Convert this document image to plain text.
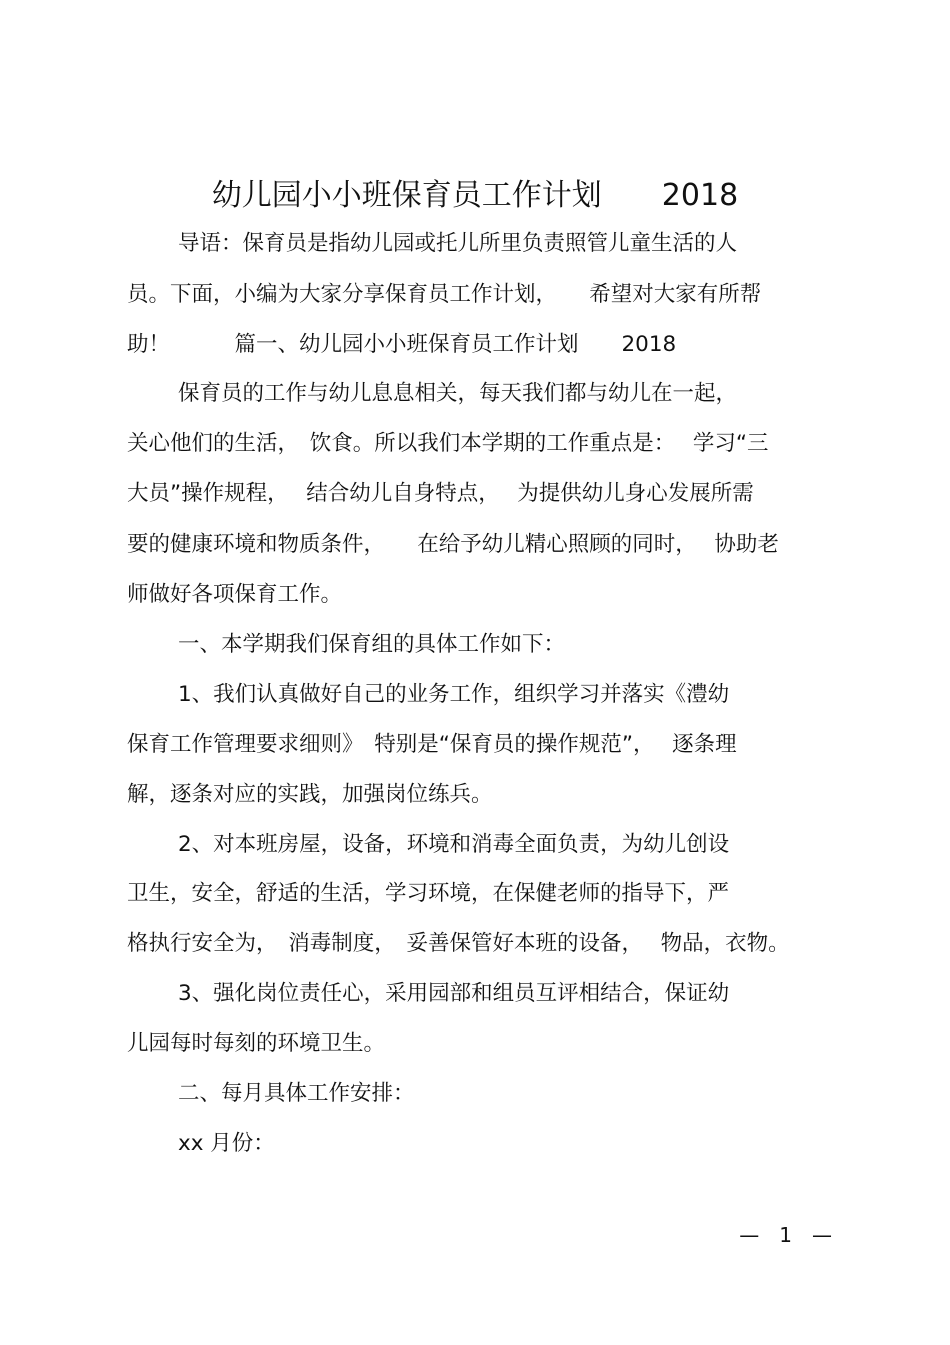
幼儿园小小班保育员工作计划　　2018
导语：保育员是指幼儿园或托儿所里负责照管儿童生活的人
员。下面，小编为大家分享保育员工作计划，　　希望对大家有所帮
助！　　　篇一、幼儿园小小班保育员工作计划　　2018
保育员的工作与幼儿息息相关，每天我们都与幼儿在一起，
关心他们的生活，　饮食。所以我们本学期的工作重点是：　 学习“三
大员”操作规程，　 结合幼儿自身特点，　 为提供幼儿身心发展所需
要的健康环境和物质条件，　　在给予幼儿精心照顾的同时，　 协助老
师做好各项保育工作。
一、本学期我们保育组的具体工作如下：
1、我们认真做好自己的业务工作，组织学习并落实《澧幼
保育工作管理要求细则》　特别是“保育员的操作规范”，　 逐条理
解，逐条对应的实践，加强岗位练兵。
2、对本班房屋，设备，环境和消毒全面负责，为幼儿创设
卫生，安全，舒适的生活，学习环境，在保健老师的指导下，严
格执行安全为，　消毒制度，　妥善保管好本班的设备，　 物品，衣物。
3、强化岗位责任心，采用园部和组员互评相结合，保证幼
儿园每时每刻的环境卫生。
二、每月具体工作安排：
xx 月份：
—　1　—
